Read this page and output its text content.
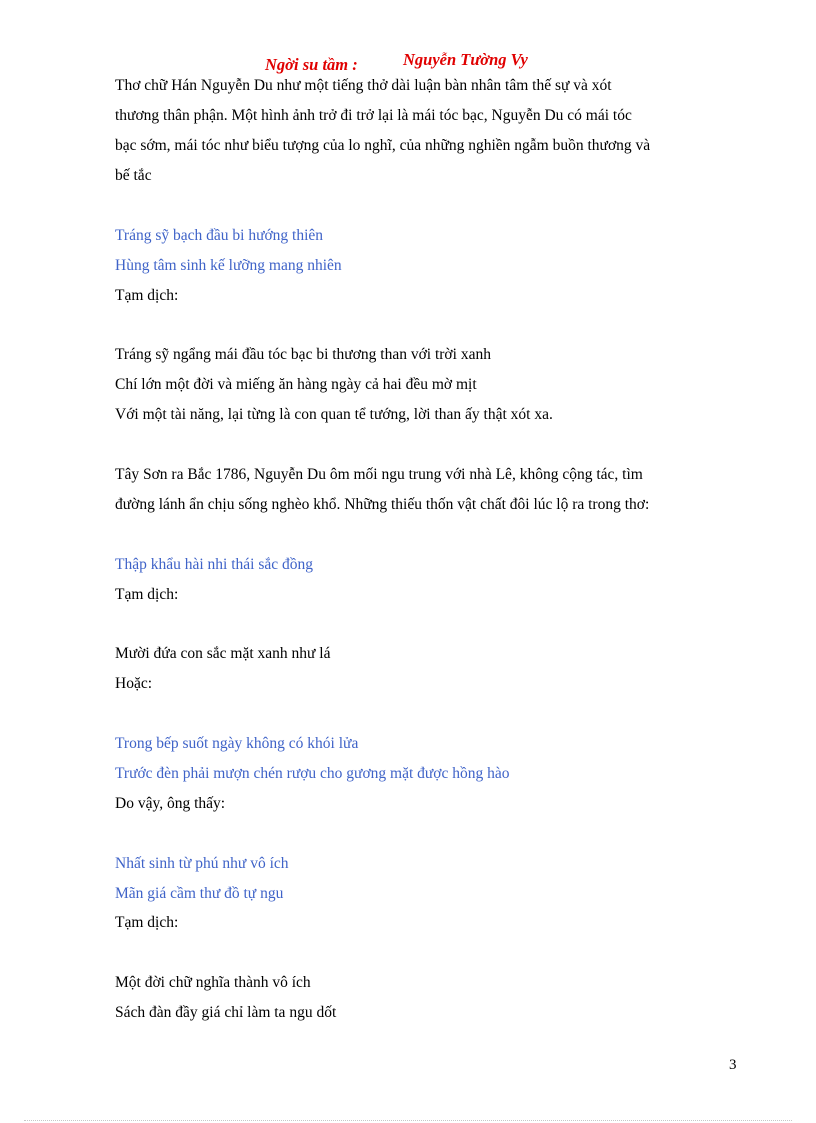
Ngời su tầm :	Nguyễn Tường Vy
Thơ chữ Hán Nguyễn Du như một tiếng thở dài luận bàn nhân tâm thế sự và xót
thương thân phận. Một hình ảnh trở đi trở lại là mái tóc bạc, Nguyễn Du có mái tóc
bạc sớm, mái tóc như biểu tượng của lo nghĩ, của những nghiền ngẫm buồn thương và
bế tắc
Tráng sỹ bạch đầu bi hướng thiên
Hùng tâm sinh kế lưỡng mang nhiên
Tạm dịch:
Tráng sỹ ngẩng mái đầu tóc bạc bi thương than với trời xanh
Chí lớn một đời và miếng ăn hàng ngày cả hai đều mờ mịt
Với một tài năng, lại từng là con quan tể tướng, lời than ấy thật xót xa.
Tây Sơn ra Bắc 1786, Nguyễn Du ôm mối ngu trung với nhà Lê, không cộng tác, tìm
đường lánh ẩn chịu sống nghèo khổ. Những thiếu thốn vật chất đôi lúc lộ ra trong thơ:
Thập khẩu hài nhi thái sắc đồng
Tạm dịch:
Mười đứa con sắc mặt xanh như lá
Hoặc:
Trong bếp suốt ngày không có khói lửa
Trước đèn phải mượn chén rượu cho gương mặt được hồng hào
Do vậy, ông thấy:
Nhất sinh từ phú như vô ích
Mãn giá cầm thư đồ tự ngu
Tạm dịch:
Một đời chữ nghĩa thành vô ích
Sách đàn đầy giá chỉ làm ta ngu dốt
3
